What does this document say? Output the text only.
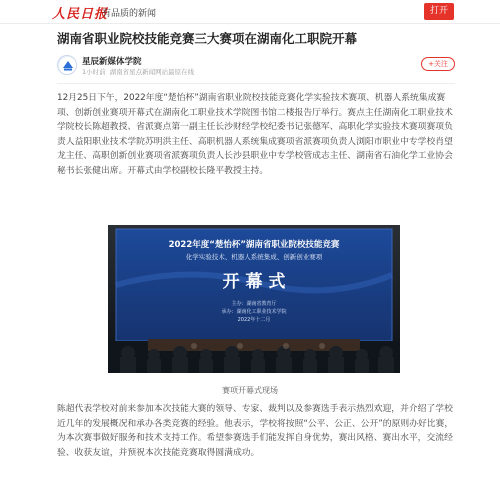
人民日报
有品质的新闻	打开
湖南省职业院校技能竞赛三大赛项在湖南化工职院开幕
星辰新媒体学院
1小时前 湖南省星点新闻网站最原在线
+关注

12月25日下午，2022年度“楚怡杯”湖南省职业院校技能竞赛化学实验技术赛项、机器人系统集成赛项、创新创业赛项开幕式在湖南化工职业技术学院图书馆二楼报告厅举行。赛点主任湖南化工职业技术学院校长陈超教授、省派赛点第一副主任长沙财经学校纪委书记张德军、高职化学实验技术赛项赛项负责人益阳职业技术学院苏明洪主任、高职机器人系统集成赛项省派赛项负责人浏阳市职业中专学校肖望龙主任、高职创新创业赛项省派赛项负责人长沙县职业中专学校管成志主任、湖南省石油化学工业协会秘书长张健出席。开幕式由学校副校长隆平教授主持。

2022年度“楚怡杯”湖南省职业院校技能竞赛
化学实验技术、机器人系统集成、创新创业赛项
开 幕 式
主办：湖南省教育厅
承办：湖南化工职业技术学院
2022年十二月
赛项开幕式现场

陈超代表学校对前来参加本次技能大赛的领导、专家、裁判以及参赛选手表示热烈欢迎，并介绍了学校近几年的发展概况和承办各类竞赛的经验。他表示，学校将按照“公平、公正、公开”的原则办好比赛，为本次赛事做好服务和技术支持工作。希望参赛选手们能发挥自身优势，赛出风格、赛出水平，交流经验、收获友谊，并预祝本次技能竞赛取得圆满成功。
